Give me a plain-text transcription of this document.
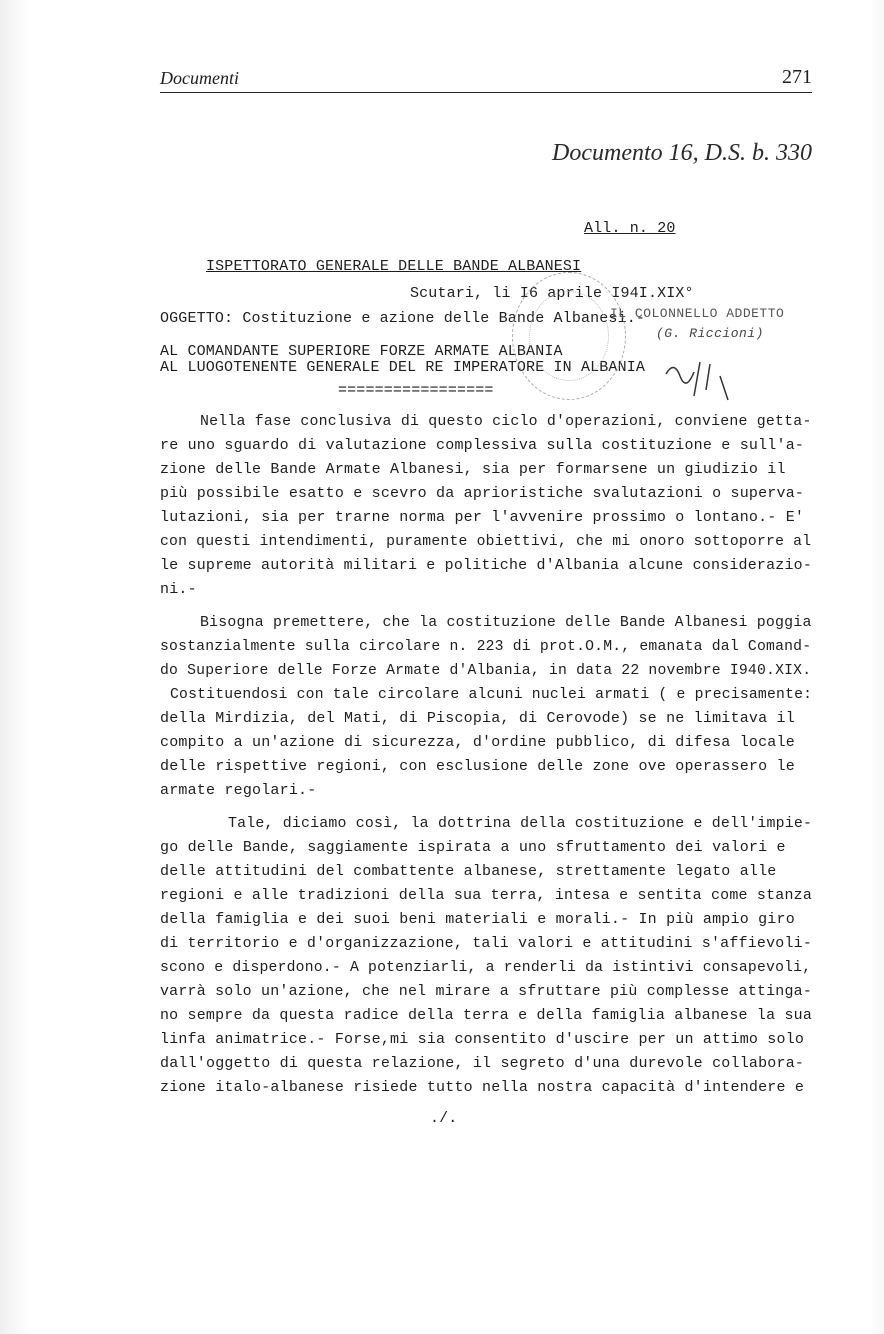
Documenti	271
Documento 16, D.S. b. 330
All. n. 20
ISPETTORATO GENERALE DELLE BANDE ALBANESI
Scutari, li I6 aprile I94I.XIX°
OGGETTO: Costituzione e azione delle Bande Albanesi.-
AL COMANDANTE SUPERIORE FORZE ARMATE ALBANIA
AL LUOGOTENENTE GENERALE DEL RE IMPERATORE IN ALBANIA
=================
IL COLONNELLO ADDETTO
(G. Riccioni)
Nella fase conclusiva di questo ciclo d'operazioni, conviene getta-
re uno sguardo di valutazione complessiva sulla costituzione e sull'a-
zione delle Bande Armate Albanesi, sia per formarsene un giudizio il
più possibile esatto e scevro da aprioristiche svalutazioni o superva-
lutazioni, sia per trarne norma per l'avvenire prossimo o lontano.- E'
con questi intendimenti, puramente obiettivi, che mi onoro sottoporre al
le supreme autorità militari e politiche d'Albania alcune considerazio-
ni.-
Bisogna premettere, che la costituzione delle Bande Albanesi poggia
sostanzialmente sulla circolare n. 223 di prot.O.M., emanata dal Comand-
do Superiore delle Forze Armate d'Albania, in data 22 novembre I940.XIX.
Costituendosi con tale circolare alcuni nuclei armati ( e precisamente:
della Mirdizia, del Mati, di Piscopia, di Cerovode) se ne limitava il
compito a un'azione di sicurezza, d'ordine pubblico, di difesa locale
delle rispettive regioni, con esclusione delle zone ove operassero le
armate regolari.-
Tale, diciamo così, la dottrina della costituzione e dell'impie-
go delle Bande, saggiamente ispirata a uno sfruttamento dei valori e
delle attitudini del combattente albanese, strettamente legato alle
regioni e alle tradizioni della sua terra, intesa e sentita come stanza
della famiglia e dei suoi beni materiali e morali.- In più ampio giro
di territorio e d'organizzazione, tali valori e attitudini s'affievoli-
scono e disperdono.- A potenziarli, a renderli da istintivi consapevoli,
varrà solo un'azione, che nel mirare a sfruttare più complesse attinga-
no sempre da questa radice della terra e della famiglia albanese la sua
linfa animatrice.- Forse,mi sia consentito d'uscire per un attimo solo
dall'oggetto di questa relazione, il segreto d'una durevole collabora-
zione italo-albanese risiede tutto nella nostra capacità d'intendere e
./.
